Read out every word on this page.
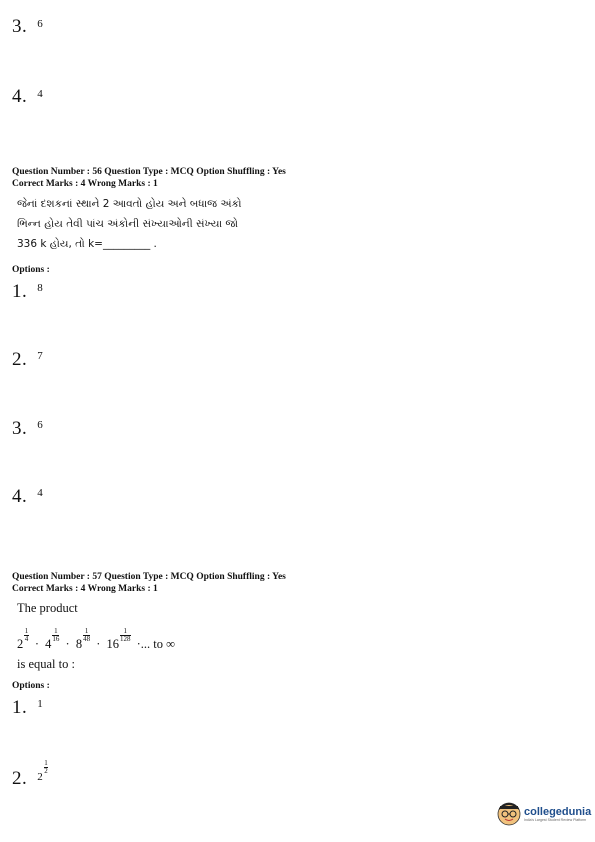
3. $^6$
4. $^4$
Question Number : 56 Question Type : MCQ Option Shuffling : Yes
Correct Marks : 4 Wrong Marks : 1
જેનાં દશકનાં સ્થાને 2 આવતો હોય અને બધાજ અંકો
ભિન્ન હોય તેવી પાંચ અંકોની સંખ્યાઓની સંખ્યા જો
336 k હોય, તો k=_________ .
Options :
1. $^8$
2. $^7$
3. $^6$
4. $^4$
Question Number : 57 Question Type : MCQ Option Shuffling : Yes
Correct Marks : 4 Wrong Marks : 1
The product
2
$^{\frac{1}{4}}$
· 4
$^{\frac{1}{16}}$
· 8
$^{\frac{1}{48}}$
· 16
$^{\frac{1}{128}}$
·... to ∞
is equal to :
Options :
1. $^1$
2. $^{2 ^{\frac{1}{2}}}$
collegedunia
India's Largest Student Review Platform
